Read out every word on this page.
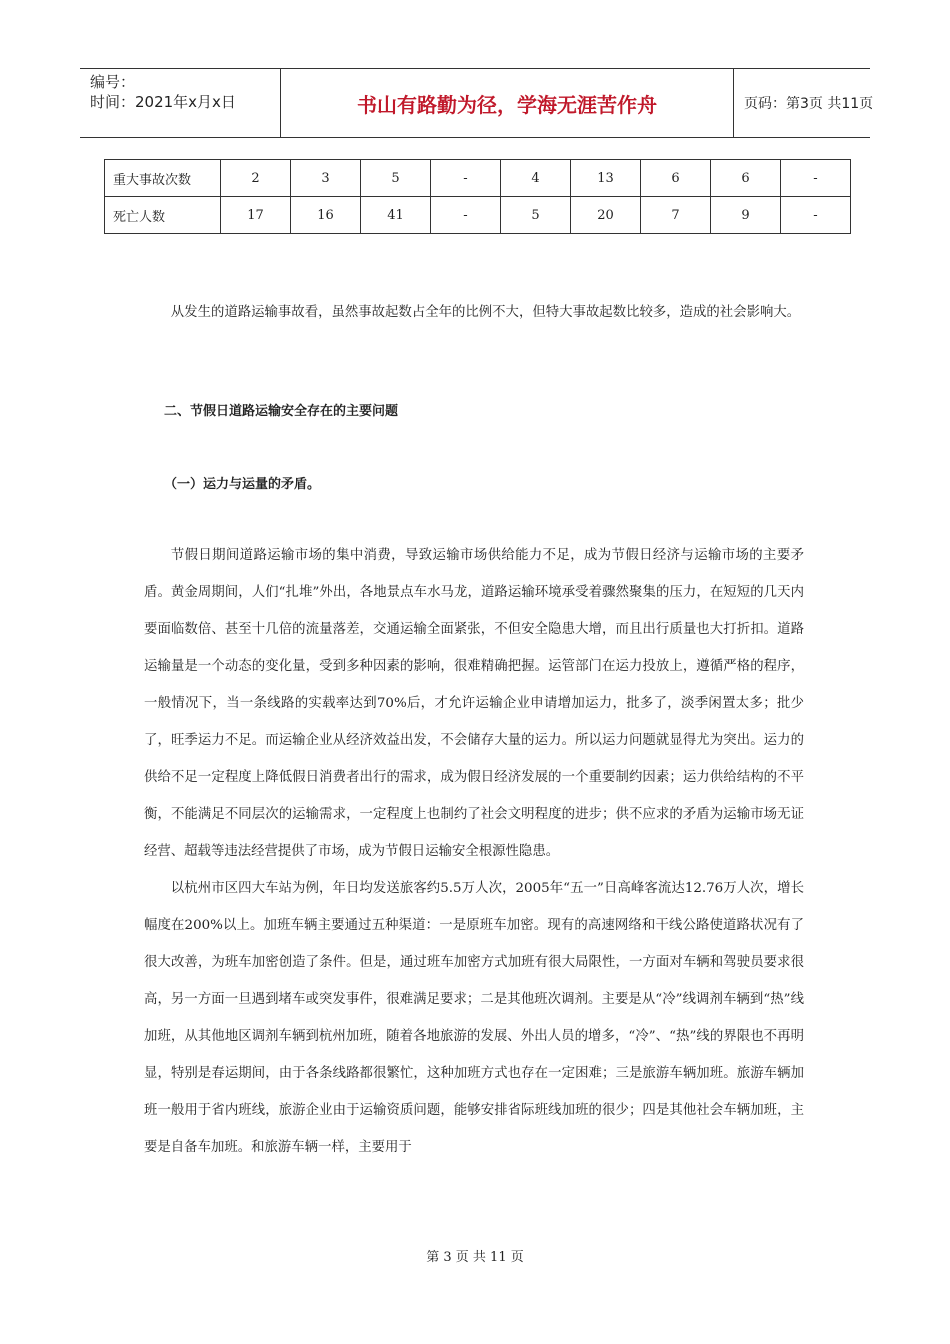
编号：
时间：2021年x月x日	书山有路勤为径，学海无涯苦作舟	页码：第3页 共11页
重大事故次数	2	3	5	-	4	13	6	6	-
死亡人数	17	16	41	-	5	20	7	9	-

从发生的道路运输事故看，虽然事故起数占全年的比例不大，但特大事故起数比较多，造成的社会影响大。

二、节假日道路运输安全存在的主要问题
（一）运力与运量的矛盾。

节假日期间道路运输市场的集中消费，导致运输市场供给能力不足，成为节假日经济与运输市场的主要矛盾。黄金周期间，人们“扎堆”外出，各地景点车水马龙，道路运输环境承受着骤然聚集的压力，在短短的几天内要面临数倍、甚至十几倍的流量落差，交通运输全面紧张，不但安全隐患大增，而且出行质量也大打折扣。道路运输量是一个动态的变化量，受到多种因素的影响，很难精确把握。运管部门在运力投放上，遵循严格的程序，一般情况下，当一条线路的实载率达到70%后，才允许运输企业申请增加运力，批多了，淡季闲置太多；批少了，旺季运力不足。而运输企业从经济效益出发，不会储存大量的运力。所以运力问题就显得尤为突出。运力的供给不足一定程度上降低假日消费者出行的需求，成为假日经济发展的一个重要制约因素；运力供给结构的不平衡，不能满足不同层次的运输需求，一定程度上也制约了社会文明程度的进步；供不应求的矛盾为运输市场无证经营、超载等违法经营提供了市场，成为节假日运输安全根源性隐患。

以杭州市区四大车站为例，年日均发送旅客约5.5万人次，2005年“五一”日高峰客流达12.76万人次，增长幅度在200%以上。加班车辆主要通过五种渠道：一是原班车加密。现有的高速网络和干线公路使道路状况有了很大改善，为班车加密创造了条件。但是，通过班车加密方式加班有很大局限性，一方面对车辆和驾驶员要求很高，另一方面一旦遇到堵车或突发事件，很难满足要求；二是其他班次调剂。主要是从“冷”线调剂车辆到“热”线加班，从其他地区调剂车辆到杭州加班，随着各地旅游的发展、外出人员的增多，“冷”、“热”线的界限也不再明显，特别是春运期间，由于各条线路都很繁忙，这种加班方式也存在一定困难；三是旅游车辆加班。旅游车辆加班一般用于省内班线，旅游企业由于运输资质问题，能够安排省际班线加班的很少；四是其他社会车辆加班，主要是自备车加班。和旅游车辆一样，主要用于

第 3 页 共 11 页
